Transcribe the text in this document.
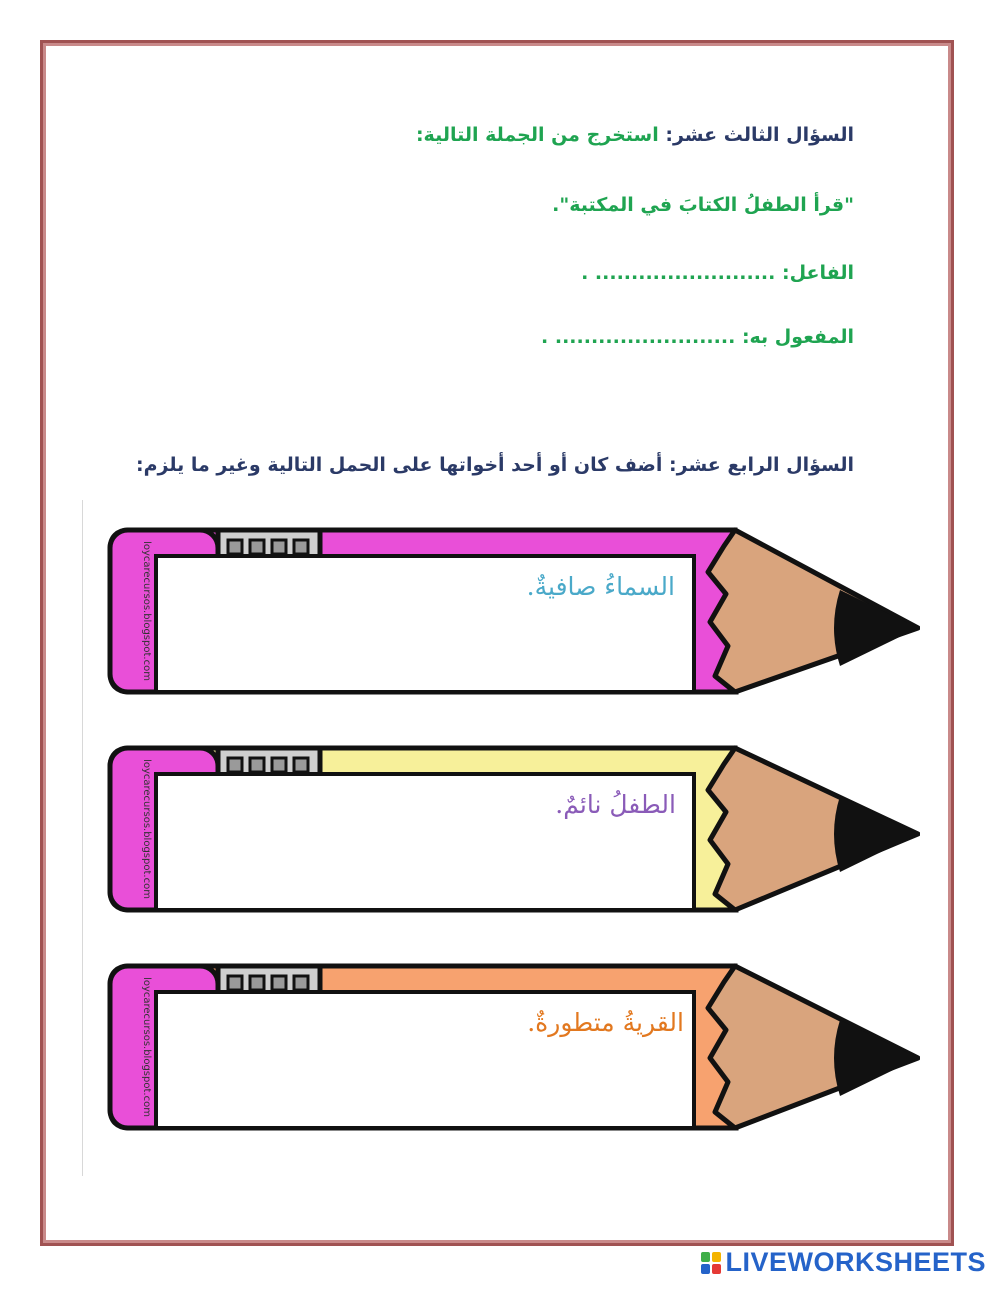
السؤال الثالث عشر: استخرج من الجملة التالية:
"قرأ الطفلُ الكتابَ في المكتبة".
الفاعل: ......................... .
المفعول به: ......................... .
السؤال الرابع عشر: أضف كان أو أحد أخواتها على الحمل التالية وغير ما يلزم:
loycarecursos.blogspot.com	السماءُ صافيةٌ.
loycarecursos.blogspot.com	الطفلُ نائمٌ.
loycarecursos.blogspot.com	القريةُ متطورةٌ.
LIVEWORKSHEETS
